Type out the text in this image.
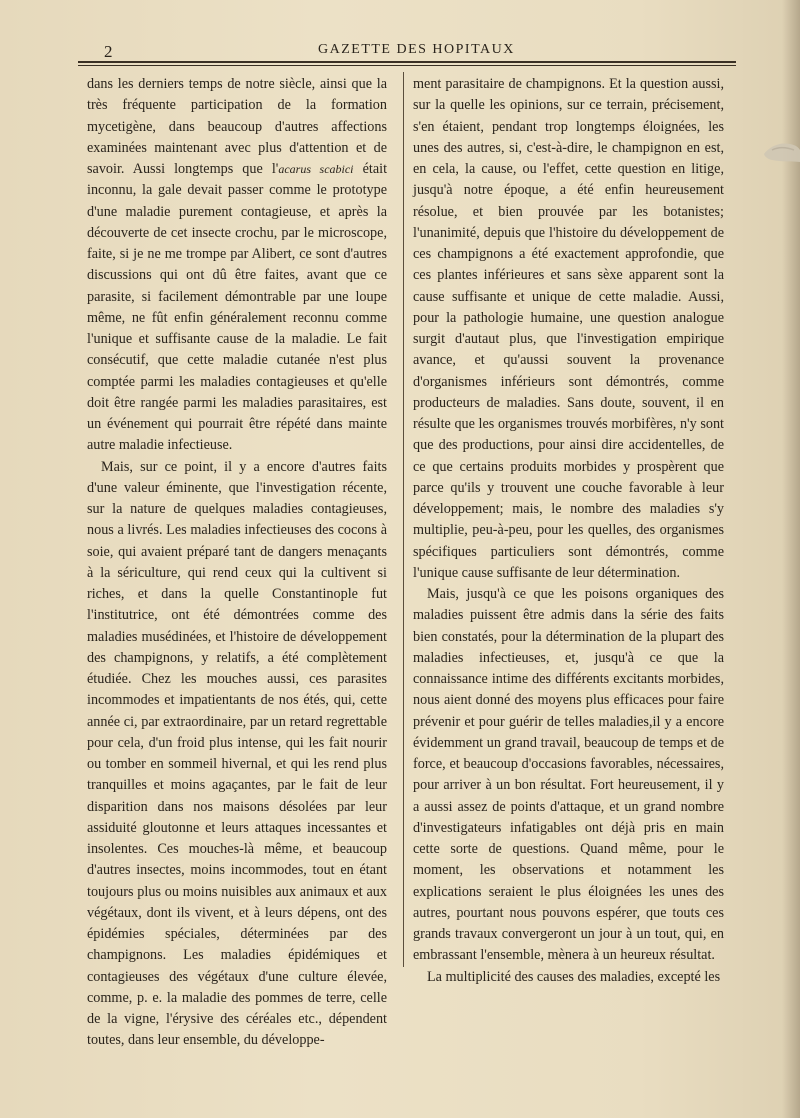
2	GAZETTE DES HOPITAUX

dans les derniers temps de notre siècle, ainsi que la très fréquente participation de la formation mycetigène, dans beaucoup d'autres affections examinées maintenant avec plus d'attention et de savoir. Aussi longtemps que l'acarus scabici était inconnu, la gale devait passer comme le prototype d'une maladie purement contagieuse, et après la découverte de cet insecte crochu, par le microscope, faite, si je ne me trompe par Alibert, ce sont d'autres discussions qui ont dû être faites, avant que ce parasite, si facilement démontrable par une loupe même, ne fût enfin généralement reconnu comme l'unique et suffisante cause de la maladie. Le fait consécutif, que cette maladie cutanée n'est plus comptée parmi les maladies contagieuses et qu'elle doit être rangée parmi les maladies parasitaires, est un événement qui pourrait être répété dans mainte autre maladie infectieuse.

Mais, sur ce point, il y a encore d'autres faits d'une valeur éminente, que l'investigation récente, sur la nature de quelques maladies contagieuses, nous a livrés. Les maladies infectieuses des cocons à soie, qui avaient préparé tant de dangers menaçants à la sériculture, qui rend ceux qui la cultivent si riches, et dans la quelle Constantinople fut l'institutrice, ont été démontrées comme des maladies musédinées, et l'histoire de développement des champignons, y relatifs, a été complètement étudiée. Chez les mouches aussi, ces parasites incommodes et impatientants de nos étés, qui, cette année ci, par extraordinaire, par un retard regrettable pour cela, d'un froid plus intense, qui les fait nourir ou tomber en sommeil hivernal, et qui les rend plus tranquilles et moins agaçantes, par le fait de leur disparition dans nos maisons désolées par leur assiduité gloutonne et leurs attaques incessantes et insolentes. Ces mouches-là même, et beaucoup d'autres insectes, moins incommodes, tout en étant toujours plus ou moins nuisibles aux animaux et aux végétaux, dont ils vivent, et à leurs dépens, ont des épidémies spéciales, déterminées par des champignons. Les maladies épidémiques et contagieuses des végétaux d'une culture élevée, comme, p. e. la maladie des pommes de terre, celle de la vigne, l'érysive des céréales etc., dépendent toutes, dans leur ensemble, du développe-

ment parasitaire de champignons. Et la question aussi, sur la quelle les opinions, sur ce terrain, précisement, s'en étaient, pendant trop longtemps éloignées, les unes des autres, si, c'est-à-dire, le champignon en est, en cela, la cause, ou l'effet, cette question en litige, jusqu'à notre époque, a été enfin heureusement résolue, et bien prouvée par les botanistes; l'unanimité, depuis que l'histoire du développement de ces champignons a été exactement approfondie, que ces plantes inférieures et sans sèxe apparent sont la cause suffisante et unique de cette maladie. Aussi, pour la pathologie humaine, une question analogue surgit d'autaut plus, que l'investigation empirique avance, et qu'aussi souvent la provenance d'organismes inférieurs sont démontrés, comme producteurs de maladies. Sans doute, souvent, il en résulte que les organismes trouvés morbifères, n'y sont que des productions, pour ainsi dire accidentelles, de ce que certains produits morbides y prospèrent que parce qu'ils y trouvent une couche favorable à leur développement; mais, le nombre des maladies s'y multiplie, peu-à-peu, pour les quelles, des organismes spécifiques particuliers sont démontrés, comme l'unique cause suffisante de leur détermination.

Mais, jusqu'à ce que les poisons organiques des maladies puissent être admis dans la série des faits bien constatés, pour la détermination de la plupart des maladies infectieuses, et, jusqu'à ce que la connaissance intime des différents excitants morbides, nous aient donné des moyens plus efficaces pour faire prévenir et pour guérir de telles maladies,il y a encore évidemment un grand travail, beaucoup de temps et de force, et beaucoup d'occasions favorables, nécessaires, pour arriver à un bon résultat. Fort heureusement, il y a aussi assez de points d'attaque, et un grand nombre d'investigateurs infatigables ont déjà pris en main cette sorte de questions. Quand même, pour le moment, les observations et notamment les explications seraient le plus éloignées les unes des autres, pourtant nous pouvons espérer, que touts ces grands travaux convergeront un jour à un tout, qui, en embrassant l'ensemble, mènera à un heureux résultat.

La multiplicité des causes des maladies, excepté les
